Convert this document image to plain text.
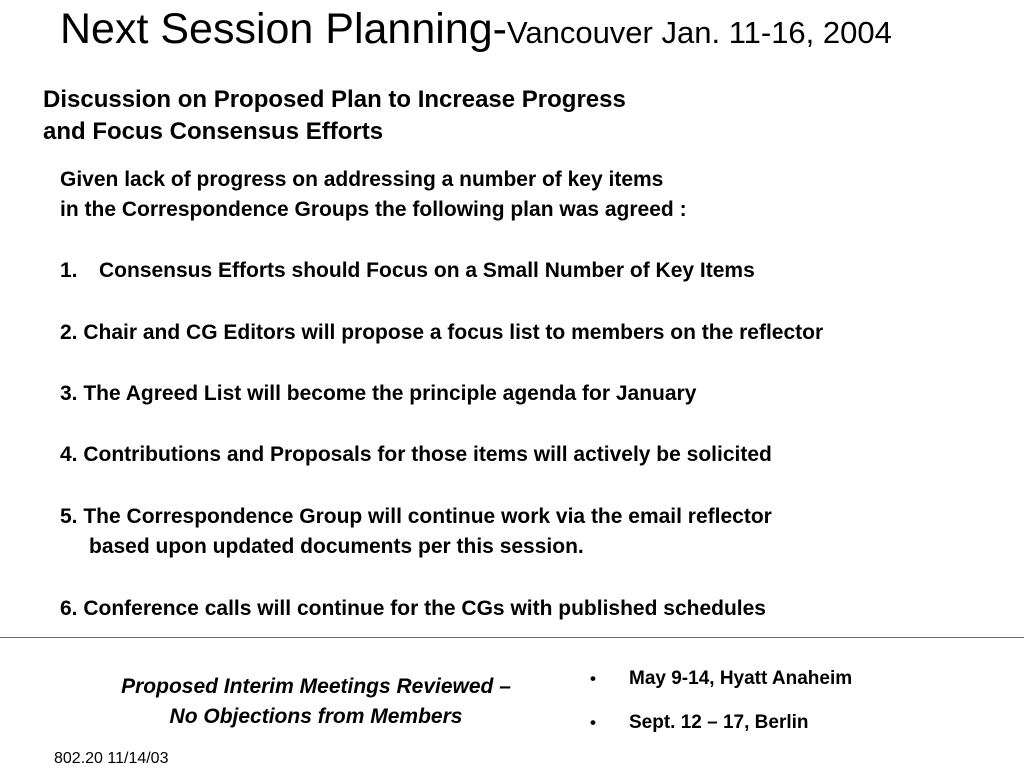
Next Session Planning-Vancouver Jan. 11-16, 2004
Discussion on Proposed Plan to Increase Progress
and Focus Consensus Efforts
Given lack of progress on addressing a number of key items
in the Correspondence Groups the following plan was agreed :
1. Consensus Efforts should Focus on a Small Number of Key Items
2. Chair and CG Editors will propose a focus list to members on the reflector
3. The Agreed List will become the principle agenda for January
4. Contributions and Proposals for those items will actively be solicited
5. The Correspondence Group will continue work via the email reflector
based upon updated documents per this session.
6. Conference calls will continue for the CGs with published schedules
Proposed Interim Meetings Reviewed –
No Objections from Members
• May 9-14, Hyatt Anaheim
• Sept. 12 – 17, Berlin
802.20 11/14/03
